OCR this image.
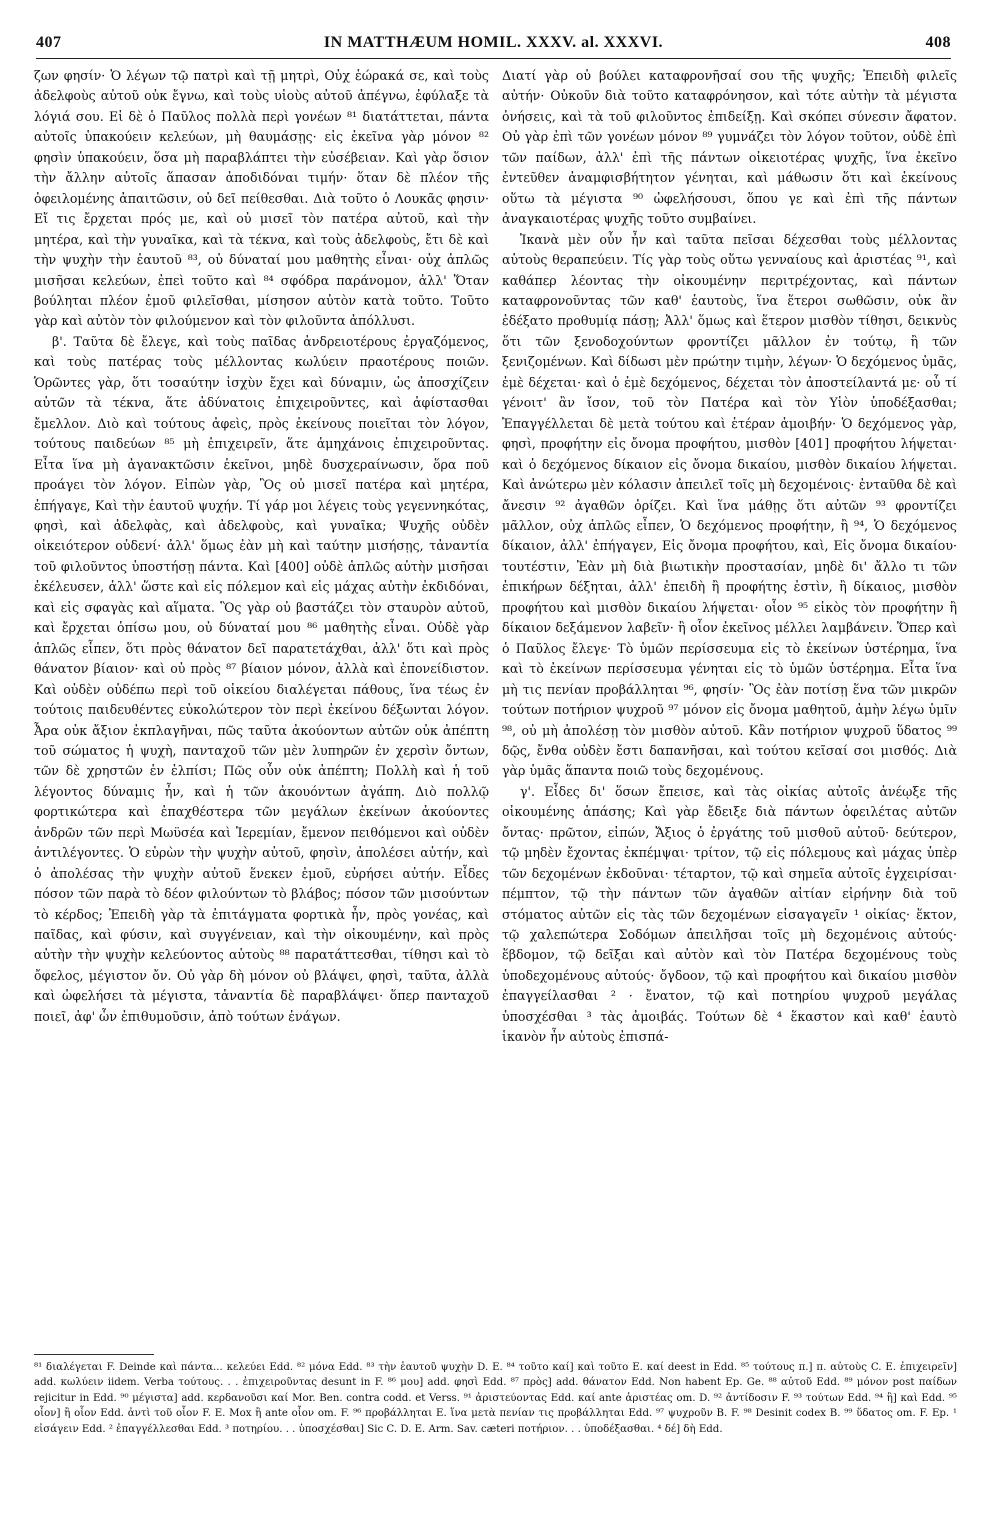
407	IN MATTHÆUM HOMIL. XXXV. al. XXXVI.	408

ζων φησίν· Ὁ λέγων τῷ πατρὶ καὶ τῇ μητρὶ, Οὐχ ἑώρακά σε, καὶ τοὺς ἀδελφοὺς αὐτοῦ οὐκ ἔγνω, καὶ τοὺς υἱοὺς αὐτοῦ ἀπέγνω, ἐφύλαξε τὰ λόγιά σου. Εἰ δὲ ὁ Παῦλος πολλὰ περὶ γονέων ⁸¹ διατάττεται, πάντα αὐτοῖς ὑπακούειν κελεύων, μὴ θαυμάσῃς· εἰς ἐκεῖνα γὰρ μόνον ⁸² φησὶν ὑπακούειν, ὅσα μὴ παραβλάπτει τὴν εὐσέβειαν. Καὶ γὰρ ὅσιον τὴν ἄλλην αὐτοῖς ἅπασαν ἀποδιδόναι τιμήν· ὅταν δὲ πλέον τῆς ὀφειλομένης ἀπαιτῶσιν, οὐ δεῖ πείθεσθαι. Διὰ τοῦτο ὁ Λουκᾶς φησιν· Εἴ τις ἔρχεται πρός με, καὶ οὐ μισεῖ τὸν πατέρα αὐτοῦ, καὶ τὴν μητέρα, καὶ τὴν γυναῖκα, καὶ τὰ τέκνα, καὶ τοὺς ἀδελφοὺς, ἔτι δὲ καὶ τὴν ψυχὴν τὴν ἑαυτοῦ ⁸³, οὐ δύναταί μου μαθητὴς εἶναι· οὐχ ἁπλῶς μισῆσαι κελεύων, ἐπεὶ τοῦτο καὶ ⁸⁴ σφόδρα παράνομον, ἀλλ' Ὅταν βούληται πλέον ἐμοῦ φιλεῖσθαι, μίσησον αὐτὸν κατὰ τοῦτο. Τοῦτο γὰρ καὶ αὐτὸν τὸν φιλούμενον καὶ τὸν φιλοῦντα ἀπόλλυσι.

β'. Ταῦτα δὲ ἔλεγε, καὶ τοὺς παῖδας ἀνδρειοτέρους ἐργαζόμενος, καὶ τοὺς πατέρας τοὺς μέλλοντας κωλύειν πραοτέρους ποιῶν. Ὁρῶντες γὰρ, ὅτι τοσαύτην ἰσχὺν ἔχει καὶ δύναμιν, ὡς ἀποσχίζειν αὐτῶν τὰ τέκνα, ἅτε ἀδύνατοις ἐπιχειροῦντες, καὶ ἀφίστασθαι ἔμελλον. Διὸ καὶ τούτους ἀφεὶς, πρὸς ἐκείνους ποιεῖται τὸν λόγον, τούτους παιδεύων ⁸⁵ μὴ ἐπιχειρεῖν, ἅτε ἀμηχάνοις ἐπιχειροῦντας. Εἶτα ἵνα μὴ ἀγανακτῶσιν ἐκεῖνοι, μηδὲ δυσχεραίνωσιν, ὅρα ποῦ προάγει τὸν λόγον. Εἰπὼν γὰρ, Ὃς οὐ μισεῖ πατέρα καὶ μητέρα, ἐπήγαγε, Καὶ τὴν ἑαυτοῦ ψυχήν. Τί γάρ μοι λέγεις τοὺς γεγεννηκότας, φησὶ, καὶ ἀδελφὰς, καὶ ἀδελφοὺς, καὶ γυναῖκα; Ψυχῆς οὐδὲν οἰκειότερον οὐδενί· ἀλλ' ὅμως ἐὰν μὴ καὶ ταύτην μισήσῃς, τἀναντία τοῦ φιλοῦντος ὑποστήσῃ πάντα. Καὶ [400] οὐδὲ ἁπλῶς αὐτὴν μισῆσαι ἐκέλευσεν, ἀλλ' ὥστε καὶ εἰς πόλεμον καὶ εἰς μάχας αὐτὴν ἐκδιδόναι, καὶ εἰς σφαγὰς καὶ αἵματα. Ὃς γὰρ οὐ βαστάζει τὸν σταυρὸν αὐτοῦ, καὶ ἔρχεται ὀπίσω μου, οὐ δύναταί μου ⁸⁶ μαθητὴς εἶναι. Οὐδὲ γὰρ ἁπλῶς εἶπεν, ὅτι πρὸς θάνατον δεῖ παρατετάχθαι, ἀλλ' ὅτι καὶ πρὸς θάνατον βίαιον· καὶ οὐ πρὸς ⁸⁷ βίαιον μόνον, ἀλλὰ καὶ ἐπονείδιστον. Καὶ οὐδὲν οὐδέπω περὶ τοῦ οἰκείου διαλέγεται πάθους, ἵνα τέως ἐν τούτοις παιδευθέντες εὐκολώτερον τὸν περὶ ἐκείνου δέξωνται λόγον. Ἆρα οὐκ ἄξιον ἐκπλαγῆναι, πῶς ταῦτα ἀκούοντων αὐτῶν οὐκ ἀπέπτη τοῦ σώματος ἡ ψυχὴ, πανταχοῦ τῶν μὲν λυπηρῶν ἐν χερσὶν ὄντων, τῶν δὲ χρηστῶν ἐν ἐλπίσι; Πῶς οὖν οὐκ ἀπέπτη; Πολλὴ καὶ ἡ τοῦ λέγοντος δύναμις ἦν, καὶ ἡ τῶν ἀκουόντων ἀγάπη. Διὸ πολλῷ φορτικώτερα καὶ ἐπαχθέστερα τῶν μεγάλων ἐκείνων ἀκούοντες ἀνδρῶν τῶν περὶ Μωϋσέα καὶ Ἱερεμίαν, ἔμενον πειθόμενοι καὶ οὐδὲν ἀντιλέγοντες. Ὁ εὑρὼν τὴν ψυχὴν αὐτοῦ, φησὶν, ἀπολέσει αὐτήν, καὶ ὁ ἀπολέσας τὴν ψυχὴν αὐτοῦ ἕνεκεν ἐμοῦ, εὑρήσει αὐτήν. Εἶδες πόσον τῶν παρὰ τὸ δέον φιλούντων τὸ βλάβος; πόσον τῶν μισούντων τὸ κέρδος; Ἐπειδὴ γὰρ τὰ ἐπιτάγματα φορτικὰ ἦν, πρὸς γονέας, καὶ παῖδας, καὶ φύσιν, καὶ συγγένειαν, καὶ τὴν οἰκουμένην, καὶ πρὸς αὐτὴν τὴν ψυχὴν κελεύοντος αὐτοὺς ⁸⁸ παρατάττεσθαι, τίθησι καὶ τὸ ὄφελος, μέγιστον ὄν. Οὐ γὰρ δὴ μόνον οὐ βλάψει, φησὶ, ταῦτα, ἀλλὰ καὶ ὠφελήσει τὰ μέγιστα, τἀναντία δὲ παραβλάψει· ὅπερ πανταχοῦ ποιεῖ, ἀφ' ὧν ἐπιθυμοῦσιν, ἀπὸ τούτων ἐνάγων.

Διατί γὰρ οὐ βούλει καταφρονῆσαί σου τῆς ψυχῆς; Ἐπειδὴ φιλεῖς αὐτήν· Οὐκοῦν διὰ τοῦτο καταφρόνησον, καὶ τότε αὐτὴν τὰ μέγιστα ὀνήσεις, καὶ τὰ τοῦ φιλοῦντος ἐπιδείξῃ. Καὶ σκόπει σύνεσιν ἄφατον. Οὐ γὰρ ἐπὶ τῶν γονέων μόνον ⁸⁹ γυμνάζει τὸν λόγον τοῦτον, οὐδὲ ἐπὶ τῶν παίδων, ἀλλ' ἐπὶ τῆς πάντων οἰκειοτέρας ψυχῆς, ἵνα ἐκεῖνο ἐντεῦθεν ἀναμφισβήτητον γένηται, καὶ μάθωσιν ὅτι καὶ ἐκείνους οὕτω τὰ μέγιστα ⁹⁰ ὠφελήσουσι, ὅπου γε καὶ ἐπὶ τῆς πάντων ἀναγκαιοτέρας ψυχῆς τοῦτο συμβαίνει.

Ἱκανὰ μὲν οὖν ἦν καὶ ταῦτα πεῖσαι δέχεσθαι τοὺς μέλλοντας αὐτοὺς θεραπεύειν. Τίς γὰρ τοὺς οὕτω γενναίους καὶ ἀριστέας ⁹¹, καὶ καθάπερ λέοντας τὴν οἰκουμένην περιτρέχοντας, καὶ πάντων καταφρονοῦντας τῶν καθ' ἑαυτοὺς, ἵνα ἕτεροι σωθῶσιν, οὐκ ἂν ἐδέξατο προθυμίᾳ πάσῃ; Ἀλλ' ὅμως καὶ ἕτερον μισθὸν τίθησι, δεικνὺς ὅτι τῶν ξενοδοχούντων φροντίζει μᾶλλον ἐν τούτῳ, ἢ τῶν ξενιζομένων. Καὶ δίδωσι μὲν πρώτην τιμὴν, λέγων· Ὁ δεχόμενος ὑμᾶς, ἐμὲ δέχεται· καὶ ὁ ἐμὲ δεχόμενος, δέχεται τὸν ἀποστείλαντά με· οὗ τί γένοιτ' ἂν ἴσον, τοῦ τὸν Πατέρα καὶ τὸν Υἱὸν ὑποδέξασθαι; Ἐπαγγέλλεται δὲ μετὰ τούτου καὶ ἑτέραν ἀμοιβήν· Ὁ δεχόμενος γὰρ, φησὶ, προφήτην εἰς ὄνομα προφήτου, μισθὸν [401] προφήτου λήψεται· καὶ ὁ δεχόμενος δίκαιον εἰς ὄνομα δικαίου, μισθὸν δικαίου λήψεται. Καὶ ἀνώτερω μὲν κόλασιν ἀπειλεῖ τοῖς μὴ δεχομένοις· ἐνταῦθα δὲ καὶ ἄνεσιν ⁹² ἀγαθῶν ὁρίζει. Καὶ ἵνα μάθῃς ὅτι αὐτῶν ⁹³ φροντίζει μᾶλλον, οὐχ ἁπλῶς εἶπεν, Ὁ δεχόμενος προφήτην, ἢ ⁹⁴, Ὁ δεχόμενος δίκαιον, ἀλλ' ἐπήγαγεν, Εἰς ὄνομα προφήτου, καὶ, Εἰς ὄνομα δικαίου· τουτέστιν, Ἐὰν μὴ διὰ βιωτικὴν προστασίαν, μηδὲ δι' ἄλλο τι τῶν ἐπικήρων δέξηται, ἀλλ' ἐπειδὴ ἢ προφήτης ἐστὶν, ἢ δίκαιος, μισθὸν προφήτου καὶ μισθὸν δικαίου λήψεται· οἷον ⁹⁵ εἰκὸς τὸν προφήτην ἢ δίκαιον δεξάμενον λαβεῖν· ἢ οἷον ἐκεῖνος μέλλει λαμβάνειν. Ὅπερ καὶ ὁ Παῦλος ἔλεγε· Τὸ ὑμῶν περίσσευμα εἰς τὸ ἐκείνων ὑστέρημα, ἵνα καὶ τὸ ἐκείνων περίσσευμα γένηται εἰς τὸ ὑμῶν ὑστέρημα. Εἶτα ἵνα μὴ τις πενίαν προβάλληται ⁹⁶, φησίν· Ὃς ἐὰν ποτίσῃ ἕνα τῶν μικρῶν τούτων ποτήριον ψυχροῦ ⁹⁷ μόνον εἰς ὄνομα μαθητοῦ, ἀμὴν λέγω ὑμῖν ⁹⁸, οὐ μὴ ἀπολέσῃ τὸν μισθὸν αὐτοῦ. Κἂν ποτήριον ψυχροῦ ὕδατος ⁹⁹ δῷς, ἔνθα οὐδὲν ἔστι δαπανῆσαι, καὶ τούτου κεῖσαί σοι μισθός. Διὰ γὰρ ὑμᾶς ἅπαντα ποιῶ τοὺς δεχομένους.

γ'. Εἶδες δι' ὅσων ἔπεισε, καὶ τὰς οἰκίας αὐτοῖς ἀνέῳξε τῆς οἰκουμένης ἁπάσης; Καὶ γὰρ ἔδειξε διὰ πάντων ὀφειλέτας αὐτῶν ὄντας· πρῶτον, εἰπών, Ἄξιος ὁ ἐργάτης τοῦ μισθοῦ αὐτοῦ· δεύτερον, τῷ μηδὲν ἔχοντας ἐκπέμψαι· τρίτον, τῷ εἰς πόλεμους καὶ μάχας ὑπὲρ τῶν δεχομένων ἐκδοῦναι· τέταρτον, τῷ καὶ σημεῖα αὐτοῖς ἐγχειρίσαι· πέμπτον, τῷ τὴν πάντων τῶν ἀγαθῶν αἰτίαν εἰρήνην διὰ τοῦ στόματος αὐτῶν εἰς τὰς τῶν δεχομένων εἰσαγαγεῖν ¹ οἰκίας· ἕκτον, τῷ χαλεπώτερα Σοδόμων ἀπειλῆσαι τοῖς μὴ δεχομένοις αὐτούς· ἕβδομον, τῷ δεῖξαι καὶ αὐτὸν καὶ τὸν Πατέρα δεχομένους τοὺς ὑποδεχομένους αὐτούς· ὄγδοον, τῷ καὶ προφήτου καὶ δικαίου μισθὸν ἐπαγγείλασθαι ² · ἔνατον, τῷ καὶ ποτηρίου ψυχροῦ μεγάλας ὑποσχέσθαι ³ τὰς ἀμοιβάς. Τούτων δὲ ⁴ ἕκαστον καὶ καθ' ἑαυτὸ ἱκανὸν ἦν αὐτοὺς ἐπισπά-

⁸¹ διαλέγεται F. Deinde καὶ πάντα... κελεύει Edd. ⁸² μόνα Edd. ⁸³ τὴν ἑαυτοῦ ψυχὴν D. E. ⁸⁴ τοῦτο καί] καὶ τοῦτο E. καί deest in Edd. ⁸⁵ τούτους π.] π. αὐτοὺς C. E. ἐπιχειρεῖν] add. κωλύειν iidem. Verba τούτους. . . ἐπιχειροῦντας desunt in F. ⁸⁶ μου] add. φησὶ Edd. ⁸⁷ πρὸς] add. θάνατον Edd. Non habent Ep. Ge. ⁸⁸ αὐτοῦ Edd. ⁸⁹ μόνον post παίδων rejicitur in Edd. ⁹⁰ μέγιστα] add. κερδανοῦσι καί Mor. Ben. contra codd. et Verss. ⁹¹ ἀριστεύοντας Edd. καί ante ἀριστέας om. D. ⁹² ἀντίδοσιν F. ⁹³ τούτων Edd. ⁹⁴ ἢ] καὶ Edd. ⁹⁵ οἷον] ἢ οἷον Edd. ἀντὶ τοῦ οἷον F. E. Mox ἢ ante οἷον om. F. ⁹⁶ προβάλληται E. ἵνα μετὰ πενίαν τις προβάλληται Edd. ⁹⁷ ψυχροῦν B. F. ⁹⁸ Desinit codex B. ⁹⁹ ὕδατος om. F. Ep. ¹ εἰσάγειν Edd. ² ἐπαγγέλλεσθαι Edd. ³ ποτηρίου. . . ὑποσχέσθαι] Sic C. D. E. Arm. Sav. cæteri ποτήριον. . . ὑποδέξασθαι. ⁴ δέ] δὴ Edd.
